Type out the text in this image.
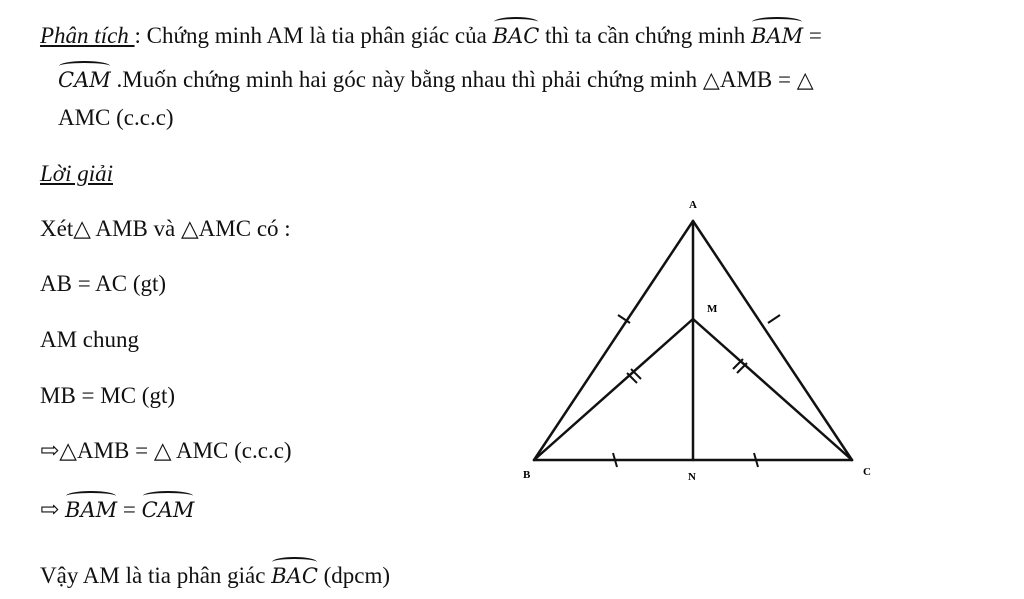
Phân tích : Chứng minh AM là tia phân giác của BAC thì ta cần chứng minh BAM =
CAM .Muốn chứng minh hai góc này bằng nhau thì phải chứng minh △AMB = △
AMC (c.c.c)
Lời giải
Xét△ AMB và △AMC có :
AB = AC (gt)
AM chung
MB = MC (gt)
⇨△AMB = △ AMC (c.c.c)
⇨ BAM = CAM
Vậy AM là tia phân giác BAC (dpcm)
A
M
B	N	C
